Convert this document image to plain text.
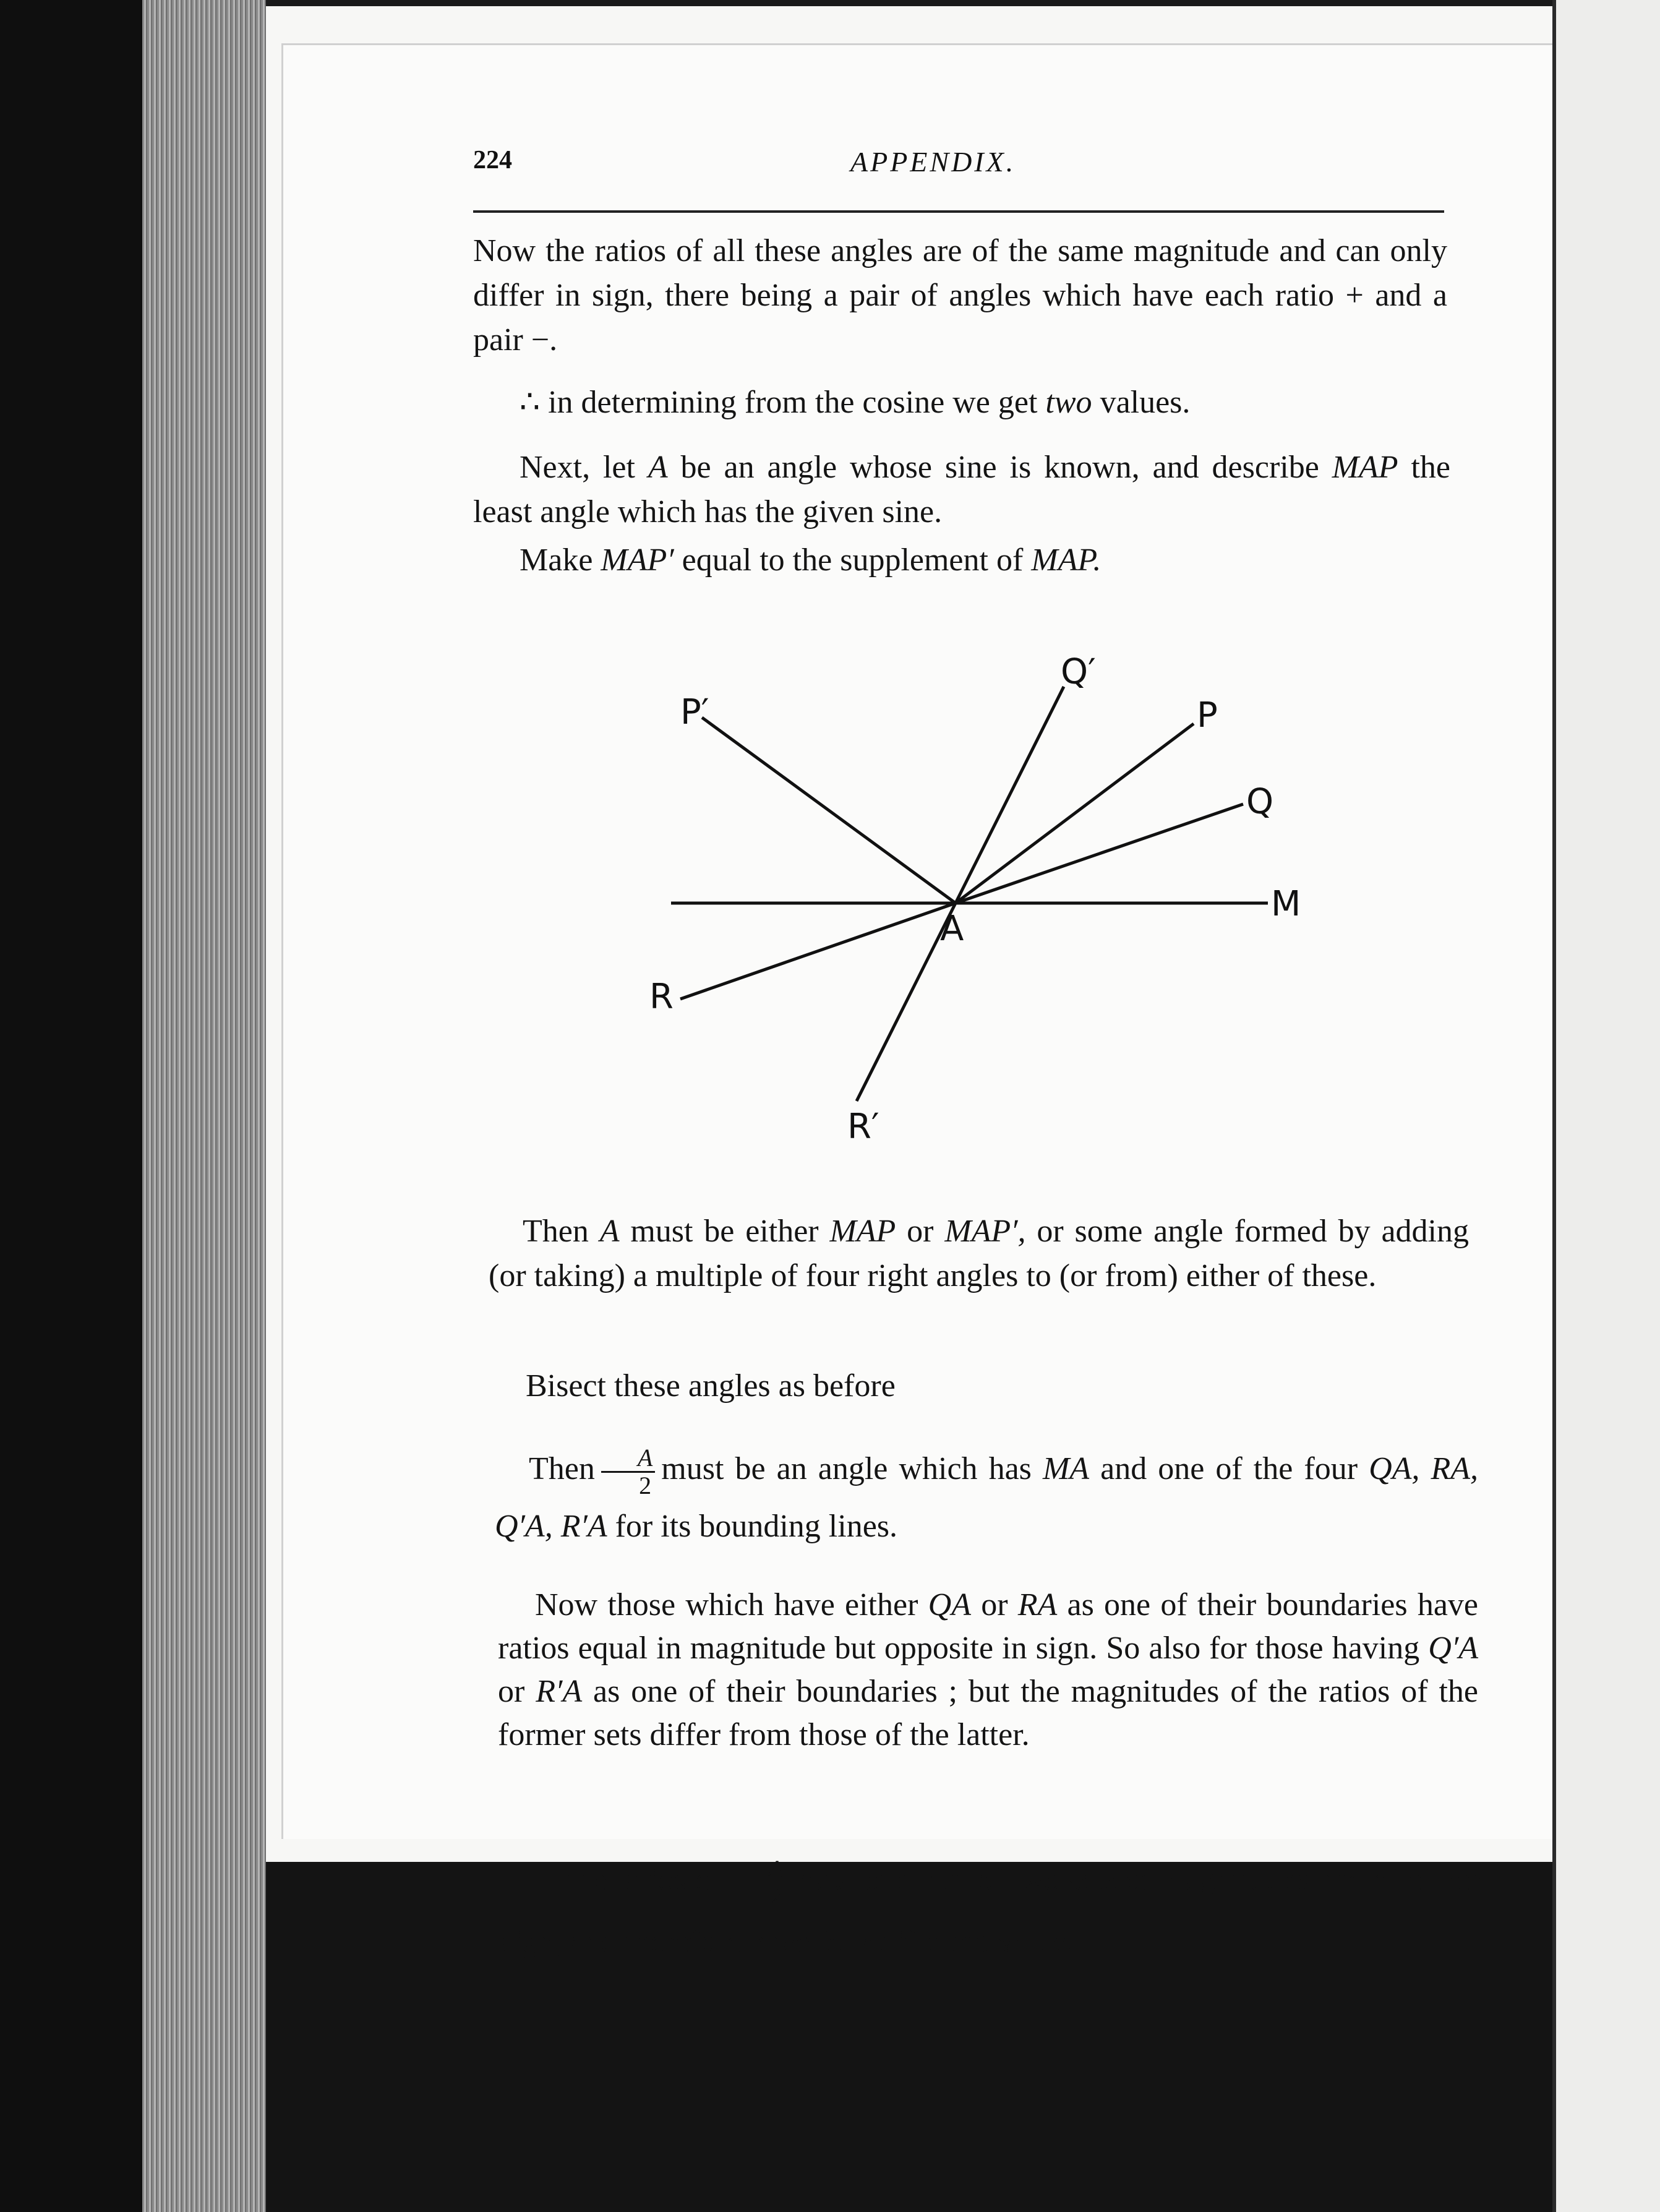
224	APPENDIX.

Now the ratios of all these angles are of the same magnitude and can only differ in sign, there being a pair of angles which have each ratio + and a pair −.

∴ in determining from the cosine we get two values.

Next, let A be an angle whose sine is known, and describe MAP the least angle which has the given sine.

Make MAP′ equal to the supplement of MAP.

P′
Q′
P
Q
M
A
R
R′

Then A must be either MAP or MAP′, or some angle formed by adding (or taking) a multiple of four right angles to (or from) either of these.

Bisect these angles as before

Then $\frac{A}{2}$ must be an angle which has MA and one of the four QA, RA, Q′A, R′A for its bounding lines.

Now those which have either QA or RA as one of their boundaries have ratios equal in magnitude but opposite in sign. So also for those having Q′A or R′A as one of their boundaries ; but the magnitudes of the ratios of the former sets differ from those of the latter.

∴ the ratios of $\frac{A}{2}$ may be either of two sets of magnitudes and of either sign, and therefore have four different values
